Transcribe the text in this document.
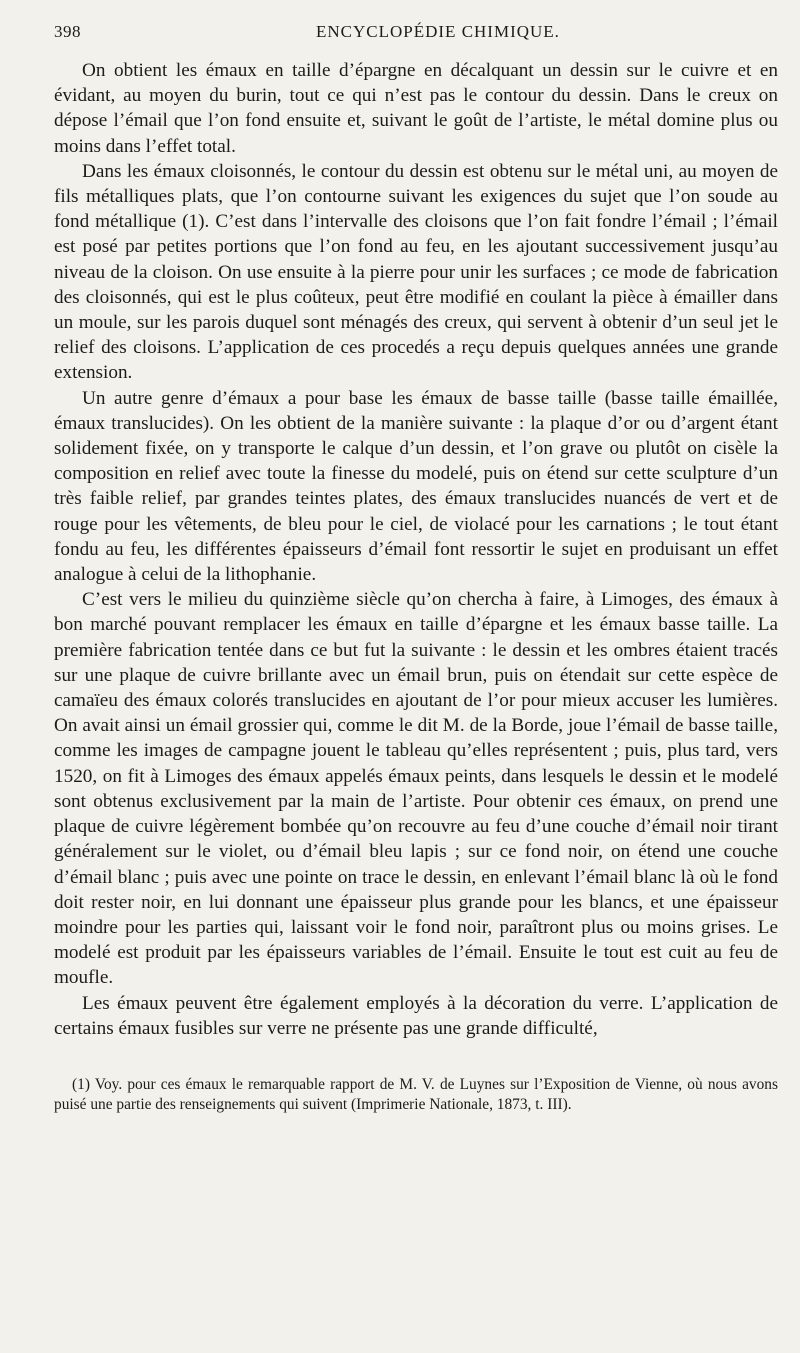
398	ENCYCLOPÉDIE CHIMIQUE.

On obtient les émaux en taille d’épargne en décalquant un dessin sur le cuivre et en évidant, au moyen du burin, tout ce qui n’est pas le contour du dessin. Dans le creux on dépose l’émail que l’on fond ensuite et, suivant le goût de l’artiste, le métal domine plus ou moins dans l’effet total.

Dans les émaux cloisonnés, le contour du dessin est obtenu sur le métal uni, au moyen de fils métalliques plats, que l’on contourne suivant les exigences du sujet que l’on soude au fond métallique (1). C’est dans l’intervalle des cloisons que l’on fait fondre l’émail ; l’émail est posé par petites portions que l’on fond au feu, en les ajoutant successivement jusqu’au niveau de la cloison. On use ensuite à la pierre pour unir les surfaces ; ce mode de fabrication des cloisonnés, qui est le plus coûteux, peut être modifié en coulant la pièce à émailler dans un moule, sur les parois duquel sont ménagés des creux, qui servent à obtenir d’un seul jet le relief des cloisons. L’application de ces procedés a reçu depuis quelques années une grande extension.

Un autre genre d’émaux a pour base les émaux de basse taille (basse taille émaillée, émaux translucides). On les obtient de la manière suivante : la plaque d’or ou d’argent étant solidement fixée, on y transporte le calque d’un dessin, et l’on grave ou plutôt on cisèle la composition en relief avec toute la finesse du modelé, puis on étend sur cette sculpture d’un très faible relief, par grandes teintes plates, des émaux translucides nuancés de vert et de rouge pour les vêtements, de bleu pour le ciel, de violacé pour les carnations ; le tout étant fondu au feu, les différentes épaisseurs d’émail font ressortir le sujet en produisant un effet analogue à celui de la lithophanie.

C’est vers le milieu du quinzième siècle qu’on chercha à faire, à Limoges, des émaux à bon marché pouvant remplacer les émaux en taille d’épargne et les émaux basse taille. La première fabrication tentée dans ce but fut la suivante : le dessin et les ombres étaient tracés sur une plaque de cuivre brillante avec un émail brun, puis on étendait sur cette espèce de camaïeu des émaux colorés translucides en ajoutant de l’or pour mieux accuser les lumières. On avait ainsi un émail grossier qui, comme le dit M. de la Borde, joue l’émail de basse taille, comme les images de campagne jouent le tableau qu’elles représentent ; puis, plus tard, vers 1520, on fit à Limoges des émaux appelés émaux peints, dans lesquels le dessin et le modelé sont obtenus exclusivement par la main de l’artiste. Pour obtenir ces émaux, on prend une plaque de cuivre légèrement bombée qu’on recouvre au feu d’une couche d’émail noir tirant généralement sur le violet, ou d’émail bleu lapis ; sur ce fond noir, on étend une couche d’émail blanc ; puis avec une pointe on trace le dessin, en enlevant l’émail blanc là où le fond doit rester noir, en lui donnant une épaisseur plus grande pour les blancs, et une épaisseur moindre pour les parties qui, laissant voir le fond noir, paraîtront plus ou moins grises. Le modelé est produit par les épaisseurs variables de l’émail. Ensuite le tout est cuit au feu de moufle.

Les émaux peuvent être également employés à la décoration du verre. L’application de certains émaux fusibles sur verre ne présente pas une grande difficulté,

(1) Voy. pour ces émaux le remarquable rapport de M. V. de Luynes sur l’Exposition de Vienne, où nous avons puisé une partie des renseignements qui suivent (Imprimerie Nationale, 1873, t. III).
